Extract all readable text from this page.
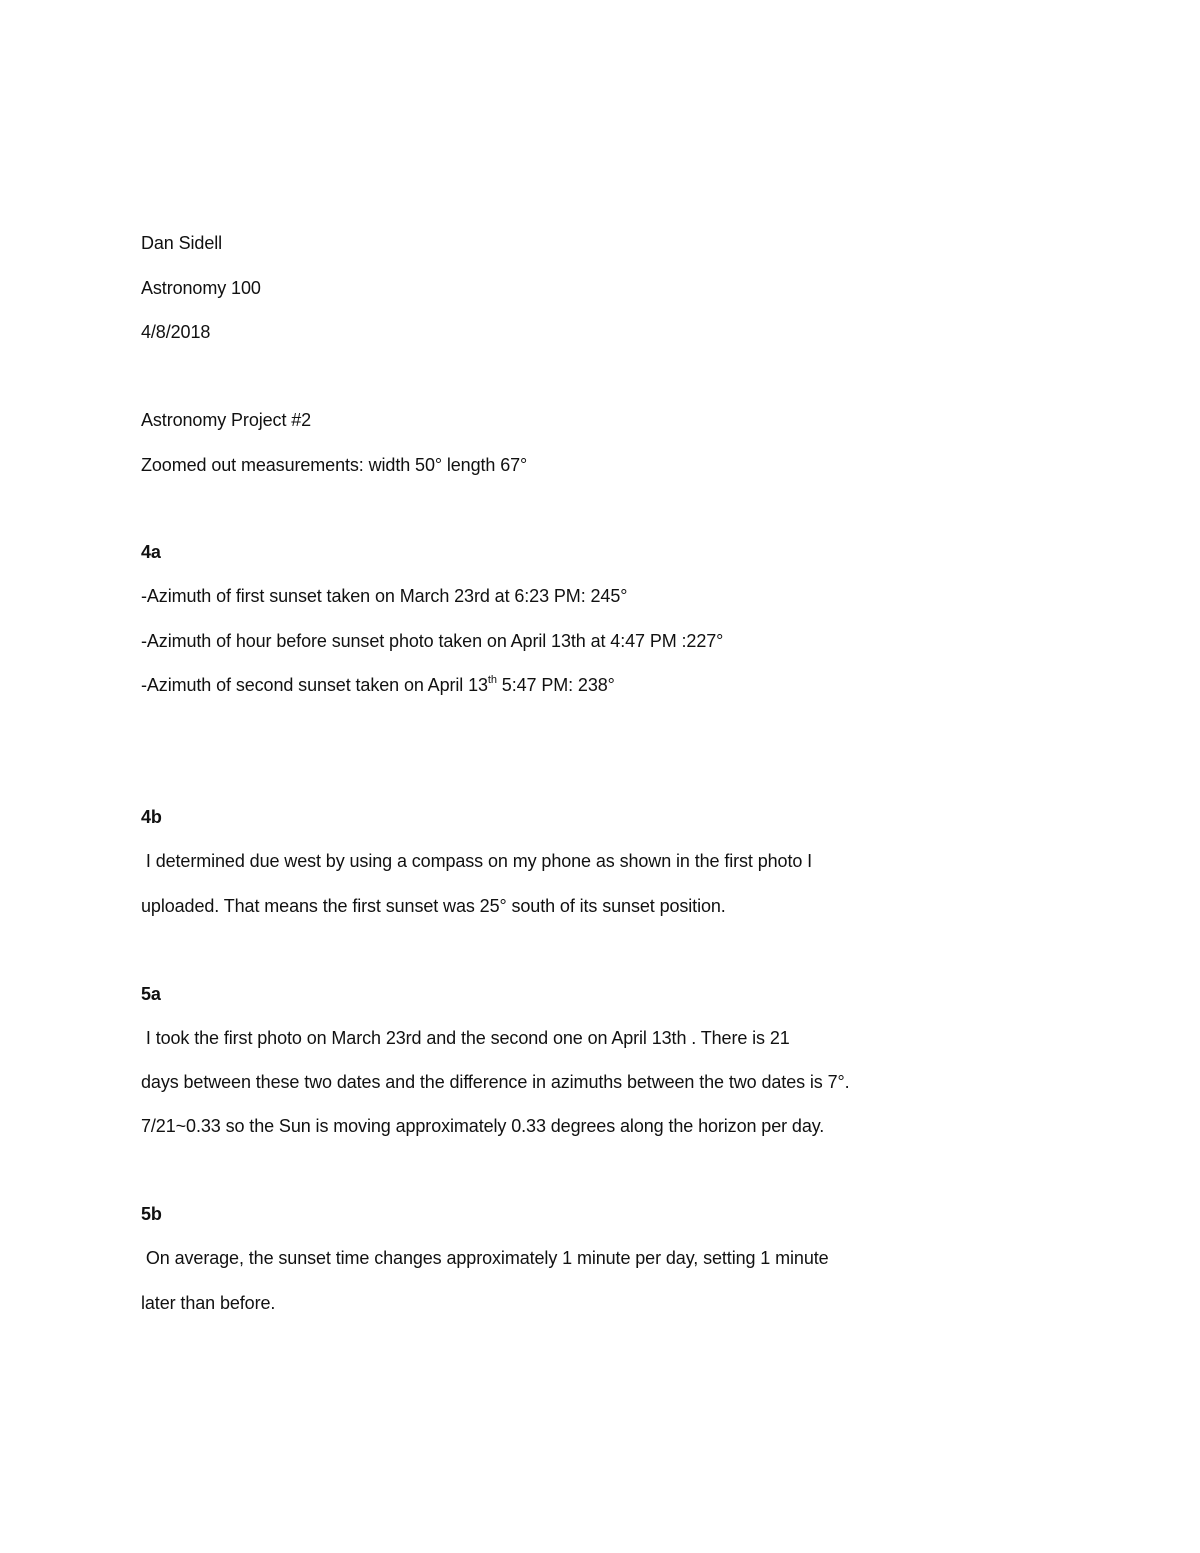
Dan Sidell
Astronomy 100
4/8/2018
Astronomy Project #2
Zoomed out measurements: width 50° length 67°
4a
-Azimuth of first sunset taken on March 23rd at 6:23 PM: 245°
-Azimuth of hour before sunset photo taken on April 13th at 4:47 PM :227°
-Azimuth of second sunset taken on April 13th 5:47 PM: 238°
4b
I determined due west by using a compass on my phone as shown in the first photo I
uploaded. That means the first sunset was 25° south of its sunset position.
5a
I took the first photo on March 23rd and the second one on April 13th . There is 21
days between these two dates and the difference in azimuths between the two dates is 7°.
7/21~0.33 so the Sun is moving approximately 0.33 degrees along the horizon per day.
5b
On average, the sunset time changes approximately 1 minute per day, setting 1 minute
later than before.
